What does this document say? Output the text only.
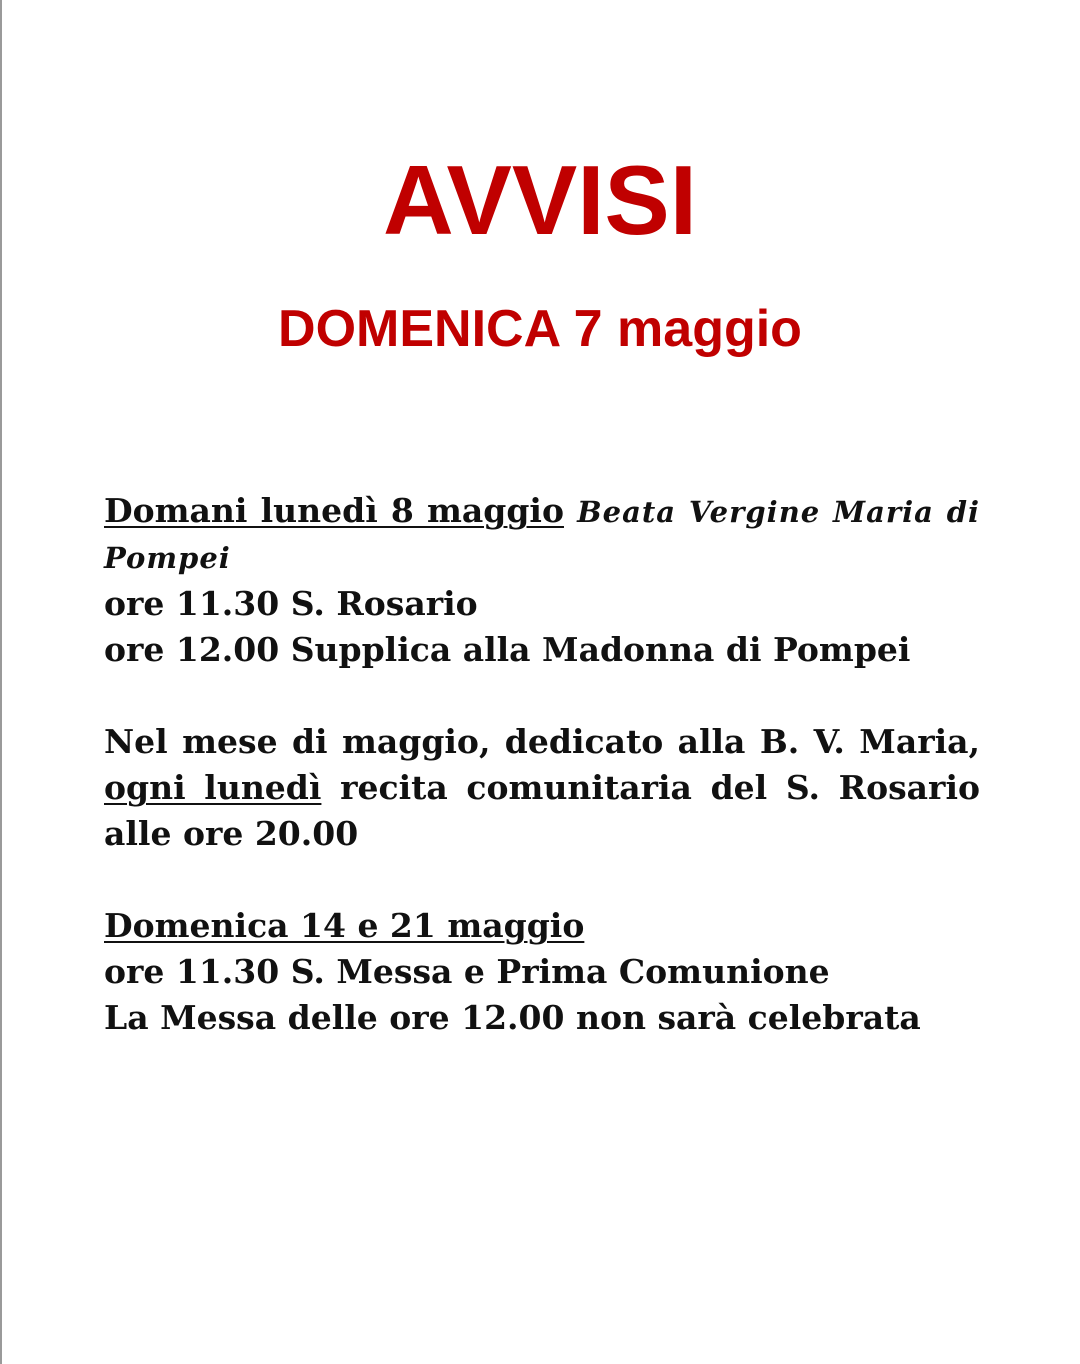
AVVISI
DOMENICA 7 maggio
Domani lunedì 8 maggio Beata Vergine Maria di
Pompei
ore 11.30 S. Rosario
ore 12.00 Supplica alla Madonna di Pompei
Nel mese di maggio, dedicato alla B. V. Maria,
ogni lunedì recita comunitaria del S. Rosario
alle ore 20.00
Domenica 14 e 21 maggio
ore 11.30 S. Messa e Prima Comunione
La Messa delle ore 12.00 non sarà celebrata
